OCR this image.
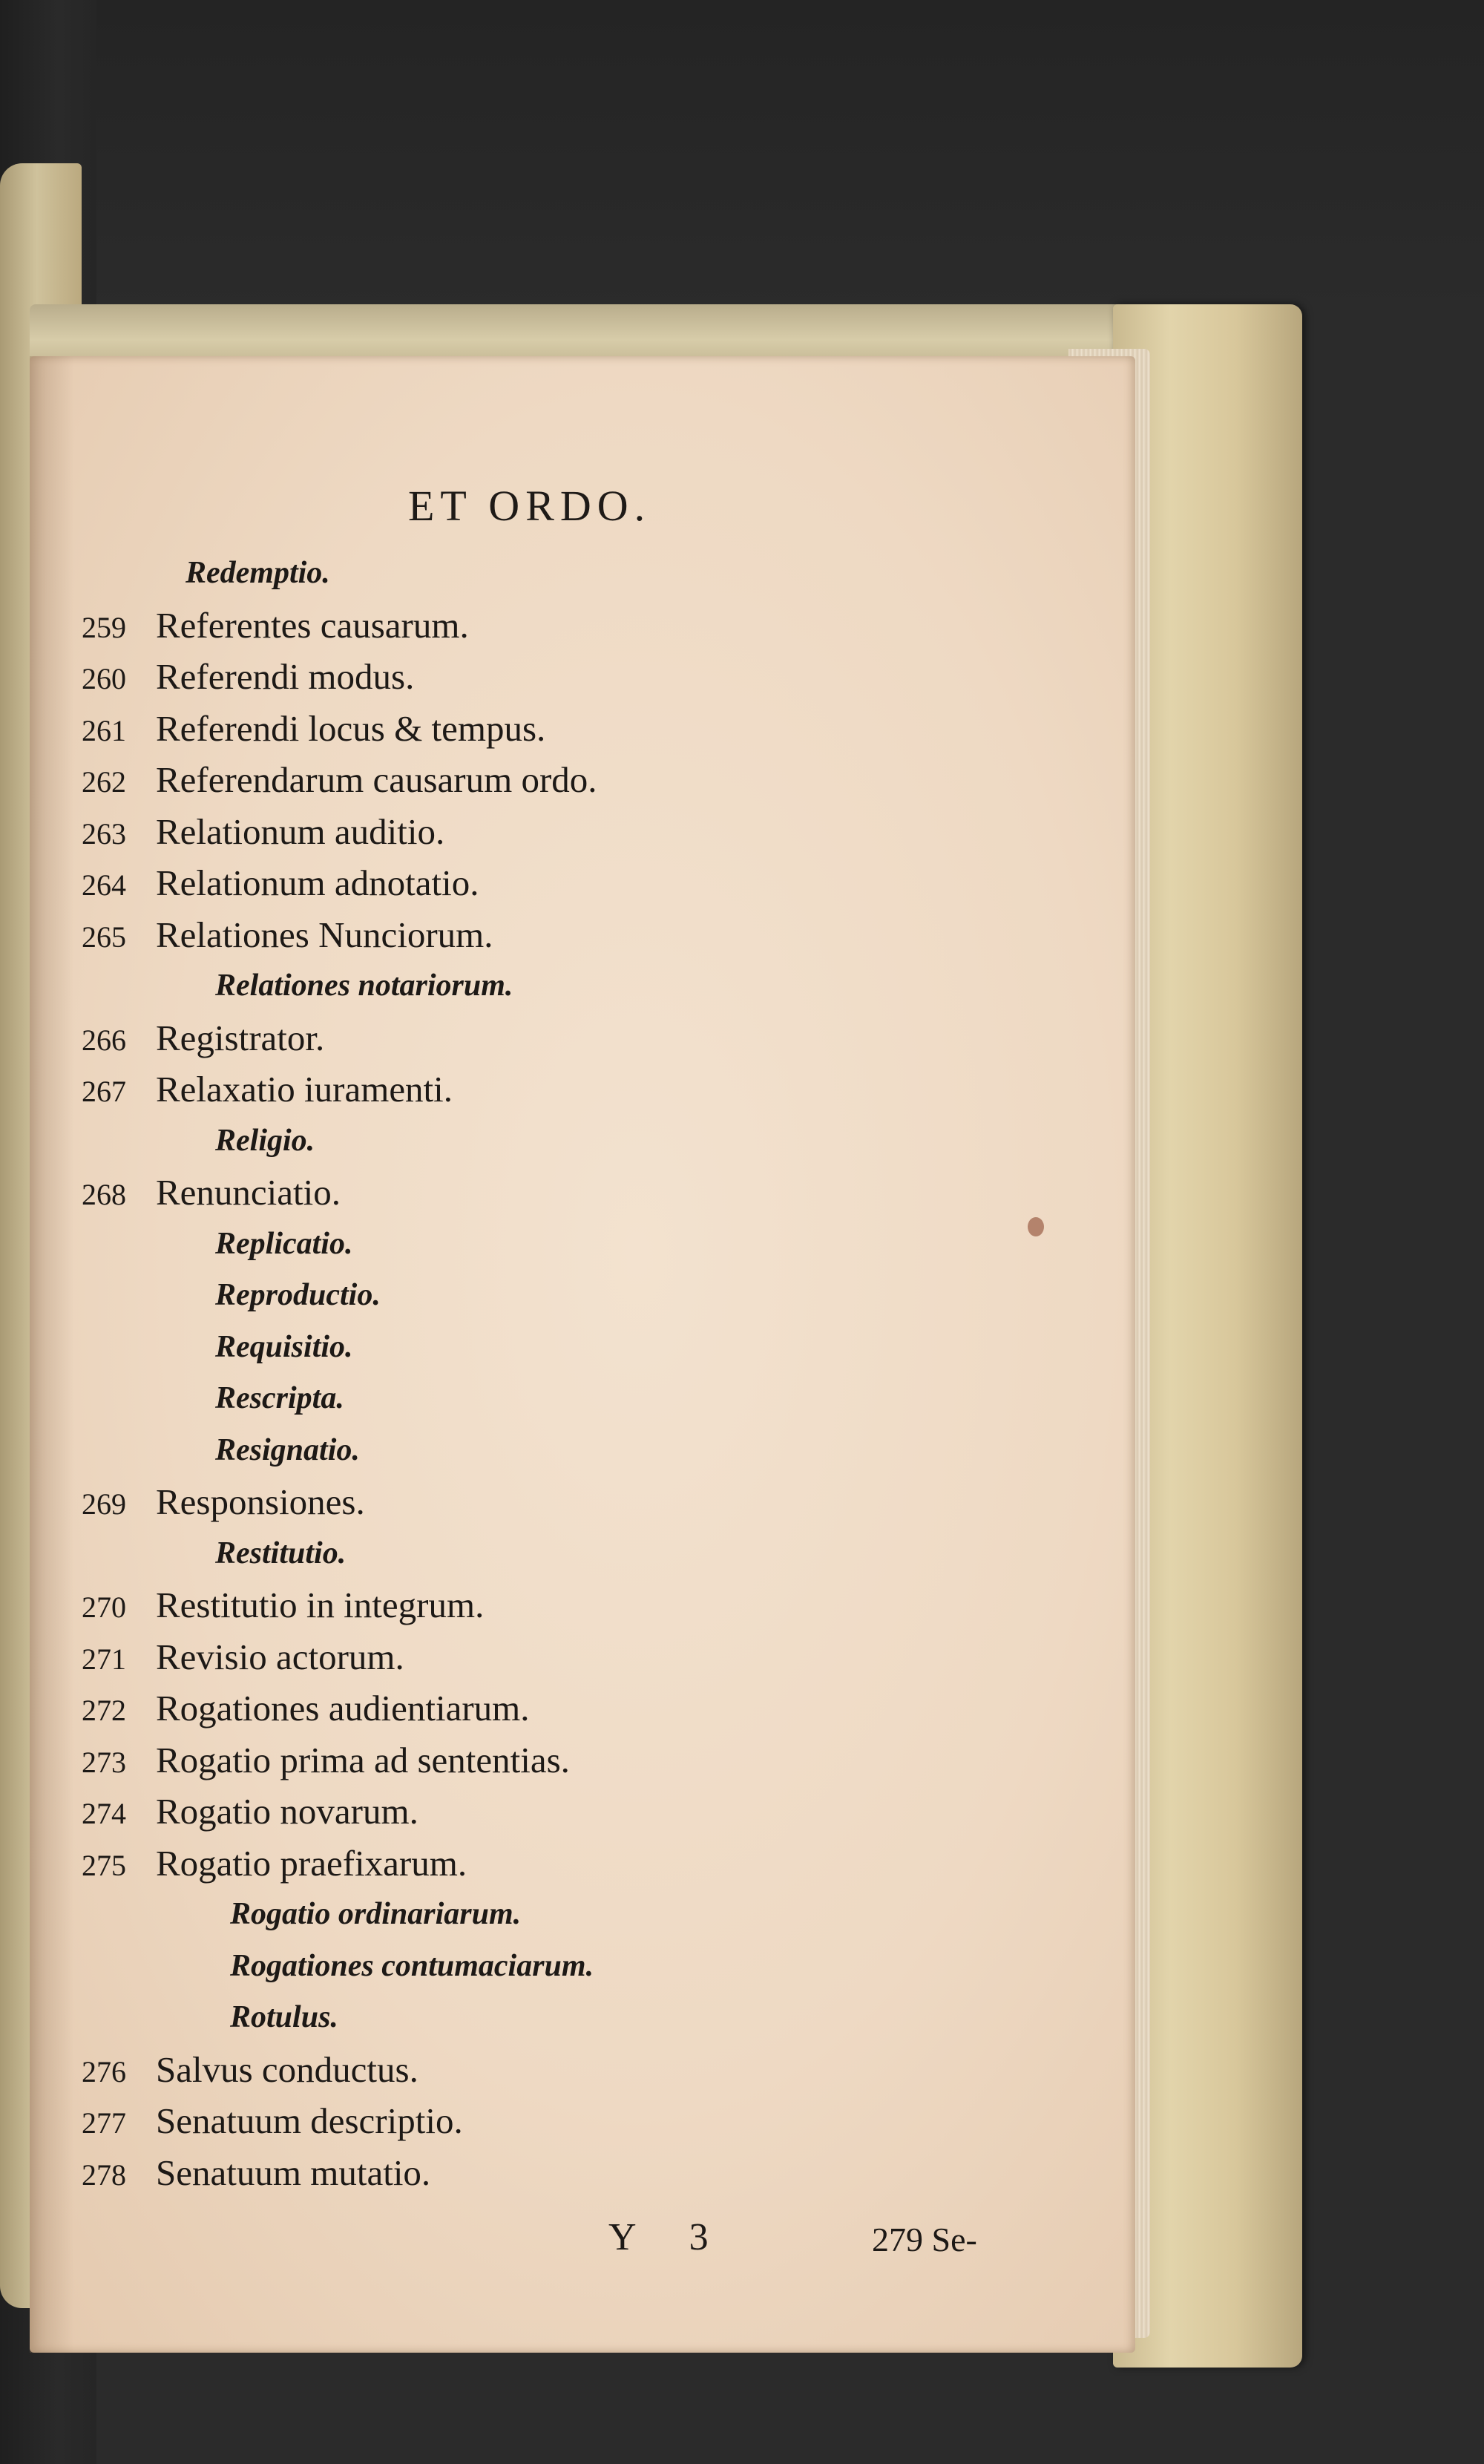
ET ORDO.
Redemptio.
259 Referentes causarum.
260 Referendi modus.
261 Referendi locus & tempus.
262 Referendarum causarum ordo.
263 Relationum auditio.
264 Relationum adnotatio.
265 Relationes Nunciorum.
Relationes notariorum.
266 Registrator.
267 Relaxatio iuramenti.
Religio.
268 Renunciatio.
Replicatio.
Reproductio.
Requisitio.
Rescripta.
Resignatio.
269 Responsiones.
Restitutio.
270 Restitutio in integrum.
271 Revisio actorum.
272 Rogationes audientiarum.
273 Rogatio prima ad sententias.
274 Rogatio novarum.
275 Rogatio praefixarum.
Rogatio ordinariarum.
Rogationes contumaciarum.
Rotulus.
276 Salvus conductus.
277 Senatuum descriptio.
278 Senatuum mutatio.
Y 3	279 Se-
